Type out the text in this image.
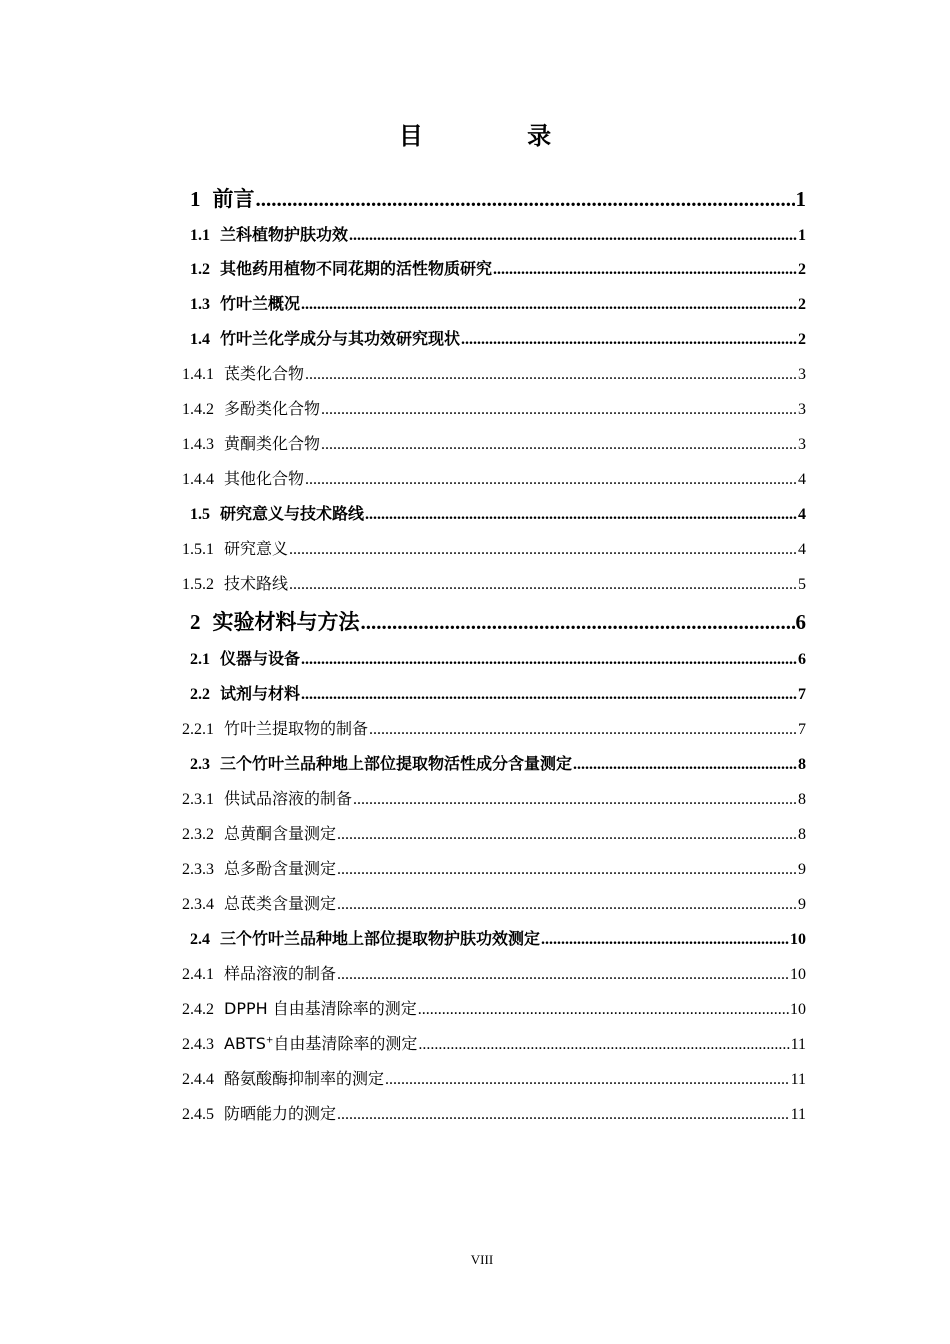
目 录
1 前言 .....	1
1.1 兰科植物护肤功效 .....	1
1.2 其他药用植物不同花期的活性物质研究 .....	2
1.3 竹叶兰概况 .....	2
1.4 竹叶兰化学成分与其功效研究现状 .....	2
1.4.1 茋类化合物 .....	3
1.4.2 多酚类化合物 .....	3
1.4.3 黄酮类化合物 .....	3
1.4.4 其他化合物 .....	4
1.5 研究意义与技术路线 .....	4
1.5.1 研究意义 .....	4
1.5.2 技术路线 .....	5
2 实验材料与方法 .....	6
2.1 仪器与设备 .....	6
2.2 试剂与材料 .....	7
2.2.1 竹叶兰提取物的制备 .....	7
2.3 三个竹叶兰品种地上部位提取物活性成分含量测定 .....	8
2.3.1 供试品溶液的制备 .....	8
2.3.2 总黄酮含量测定 .....	8
2.3.3 总多酚含量测定 .....	9
2.3.4 总茋类含量测定 .....	9
2.4 三个竹叶兰品种地上部位提取物护肤功效测定 .....	10
2.4.1 样品溶液的制备 .....	10
2.4.2 DPPH 自由基清除率的测定 .....	10
2.4.3 ABTS+自由基清除率的测定 .....	11
2.4.4 酪氨酸酶抑制率的测定 .....	11
2.4.5 防晒能力的测定 .....	11
VIII
